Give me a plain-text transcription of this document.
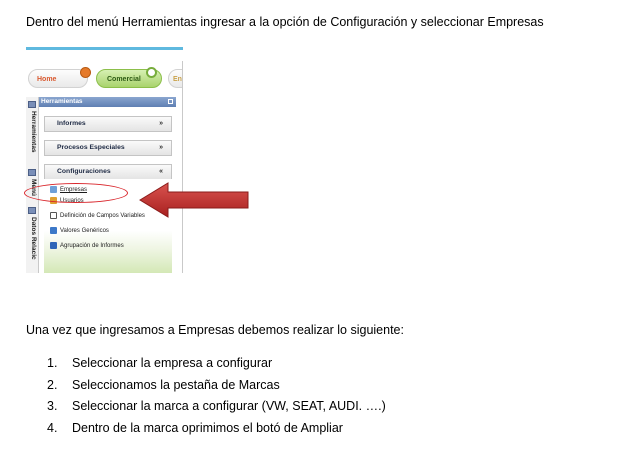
Dentro del menú Herramientas ingresar a la opción de Configuración y seleccionar Empresas

Home	Comercial	En
Herramientas
Menú
Datos Relacic
Herramientas
Informes	»
Procesos Especiales	»
Configuraciones	«
Empresas
Usuarios
Definición de Campos Variables
Valores Genéricos
Agrupación de Informes

Una vez que ingresamos a Empresas debemos realizar lo siguiente:

1. Seleccionar la empresa a configurar
2. Seleccionamos la pestaña de Marcas
3. Seleccionar la marca a configurar (VW, SEAT, AUDI. ….)
4. Dentro de la marca oprimimos el botó de Ampliar
